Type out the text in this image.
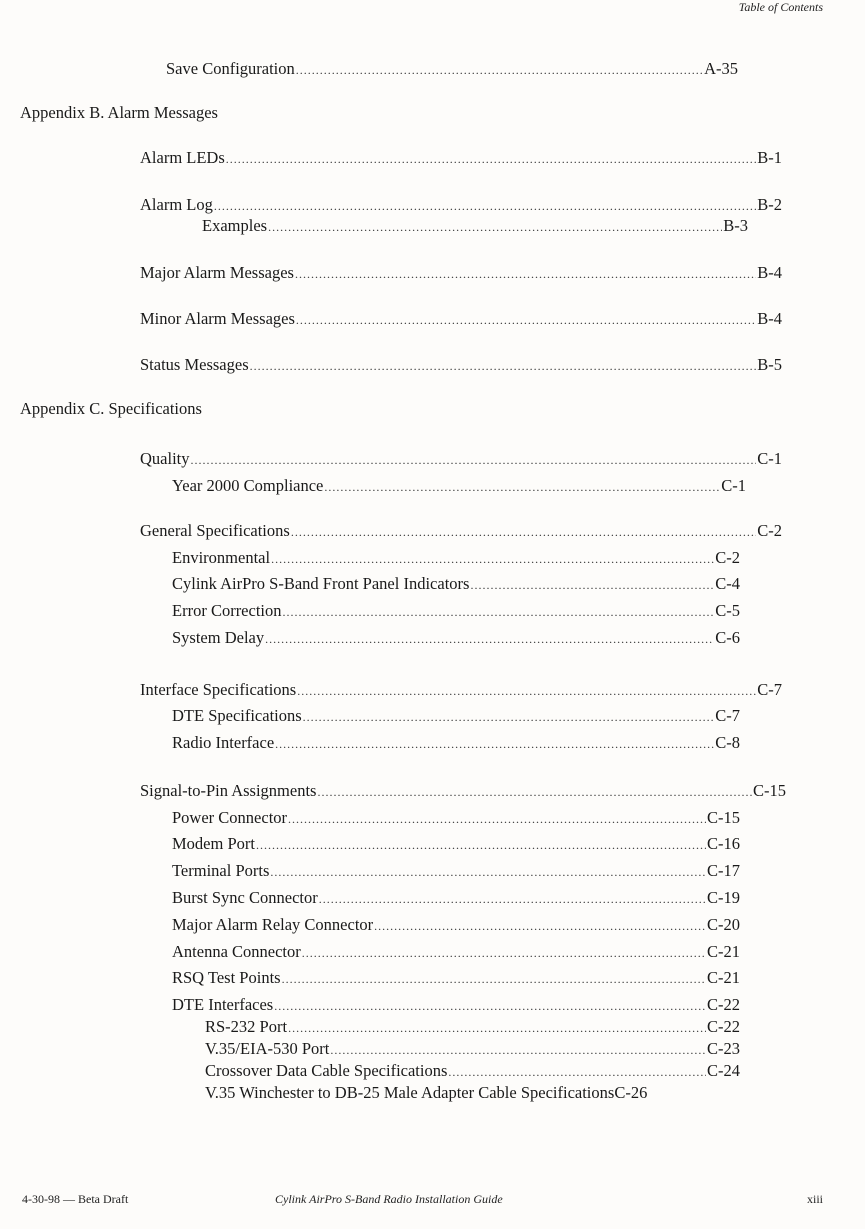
Table of Contents
Save Configuration .....	A-35
Appendix B. Alarm Messages
Alarm LEDs .....	B-1
Alarm Log .....	B-2
Examples .....	B-3
Major Alarm Messages .....	B-4
Minor Alarm Messages .....	B-4
Status Messages .....	B-5
Appendix C. Specifications
Quality .....	C-1
Year 2000 Compliance .....	C-1
General Specifications .....	C-2
Environmental .....	C-2
Cylink AirPro S-Band Front Panel Indicators .....	C-4
Error Correction .....	C-5
System Delay .....	C-6
Interface Specifications .....	C-7
DTE Specifications .....	C-7
Radio Interface .....	C-8
Signal-to-Pin Assignments .....	C-15
Power Connector .....	C-15
Modem Port .....	C-16
Terminal Ports .....	C-17
Burst Sync Connector .....	C-19
Major Alarm Relay Connector .....	C-20
Antenna Connector .....	C-21
RSQ Test Points .....	C-21
DTE Interfaces .....	C-22
RS-232 Port .....	C-22
V.35/EIA-530 Port .....	C-23
Crossover Data Cable Specifications .....	C-24
V.35 Winchester to DB-25 Male Adapter Cable Specifications C-26
4-30-98 — Beta Draft	Cylink AirPro S-Band Radio Installation Guide	xiii
